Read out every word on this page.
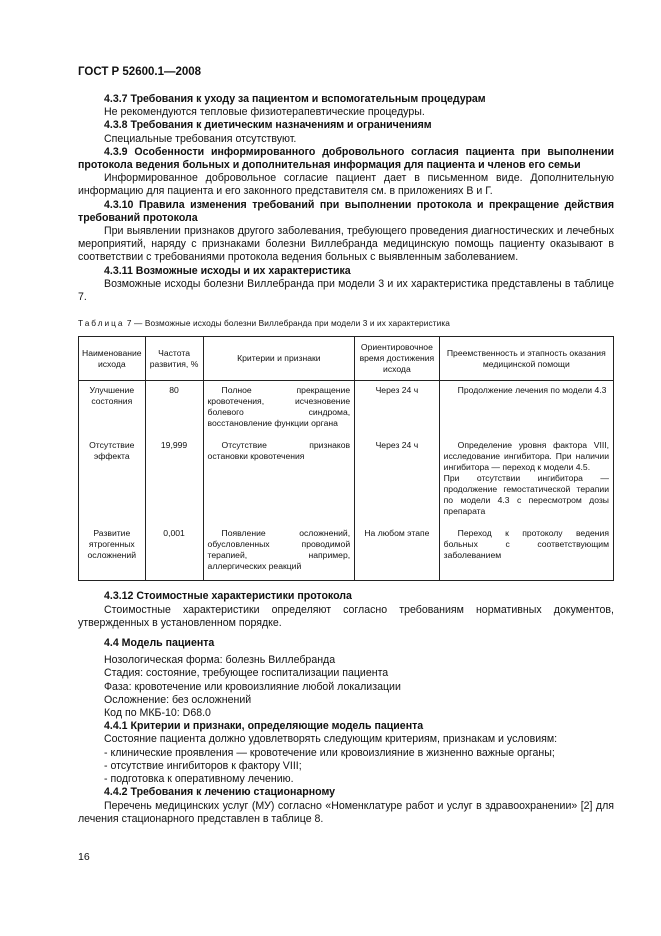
ГОСТ Р 52600.1—2008

4.3.7 Требования к уходу за пациентом и вспомогательным процедурам

Не рекомендуются тепловые физиотерапевтические процедуры.

4.3.8 Требования к диетическим назначениям и ограничениям

Специальные требования отсутствуют.

4.3.9 Особенности информированного добровольного согласия пациента при выполнении протокола ведения больных и дополнительная информация для пациента и членов его семьи

Информированное добровольное согласие пациент дает в письменном виде. Дополнительную информацию для пациента и его законного представителя см. в приложениях В и Г.

4.3.10 Правила изменения требований при выполнении протокола и прекращение действия требований протокола

При выявлении признаков другого заболевания, требующего проведения диагностических и лечебных мероприятий, наряду с признаками болезни Виллебранда медицинскую помощь пациенту оказывают в соответствии с требованиями протокола ведения больных с выявленным заболеванием.

4.3.11 Возможные исходы и их характеристика

Возможные исходы болезни Виллебранда при модели 3 и их характеристика представлены в таблице 7.

Таблица 7 — Возможные исходы болезни Виллебранда при модели 3 и их характеристика
Наименование исхода	Частота развития, %	Критерии и признаки	Ориентировочное время достижения исхода	Преемственность и этапность оказания медицинской помощи
Улучшение состояния	80	Полное прекращение кровотечения, исчезновение болевого синдрома, восстановление функции органа	Через 24 ч	Продолжение лечения по модели 4.3

Отсутствие эффекта	19,999	Отсутствие признаков остановки кровотечения	Через 24 ч	Определение уровня фактора VIII, исследование ингибитора. При наличии ингибитора — переход к модели 4.5.
При отсутствии ингибитора — продолжение гемостатической терапии по модели 4.3 с пересмотром дозы препарата

Развитие ятрогенных осложнений	0,001	Появление осложнений, обусловленных проводимой терапией, например, аллергических реакций	На любом этапе	Переход к протоколу ведения больных с соответствующим заболеванием

4.3.12 Стоимостные характеристики протокола

Стоимостные характеристики определяют согласно требованиям нормативных документов, утвержденных в установленном порядке.

4.4 Модель пациента

Нозологическая форма: болезнь Виллебранда

Стадия: состояние, требующее госпитализации пациента

Фаза: кровотечение или кровоизлияние любой локализации

Осложнение: без осложнений

Код по МКБ-10: D68.0

4.4.1 Критерии и признаки, определяющие модель пациента

Состояние пациента должно удовлетворять следующим критериям, признакам и условиям:

- клинические проявления — кровотечение или кровоизлияние в жизненно важные органы;

- отсутствие ингибиторов к фактору VIII;

- подготовка к оперативному лечению.

4.4.2 Требования к лечению стационарному

Перечень медицинских услуг (МУ) согласно «Номенклатуре работ и услуг в здравоохранении» [2] для лечения стационарного представлен в таблице 8.

16
